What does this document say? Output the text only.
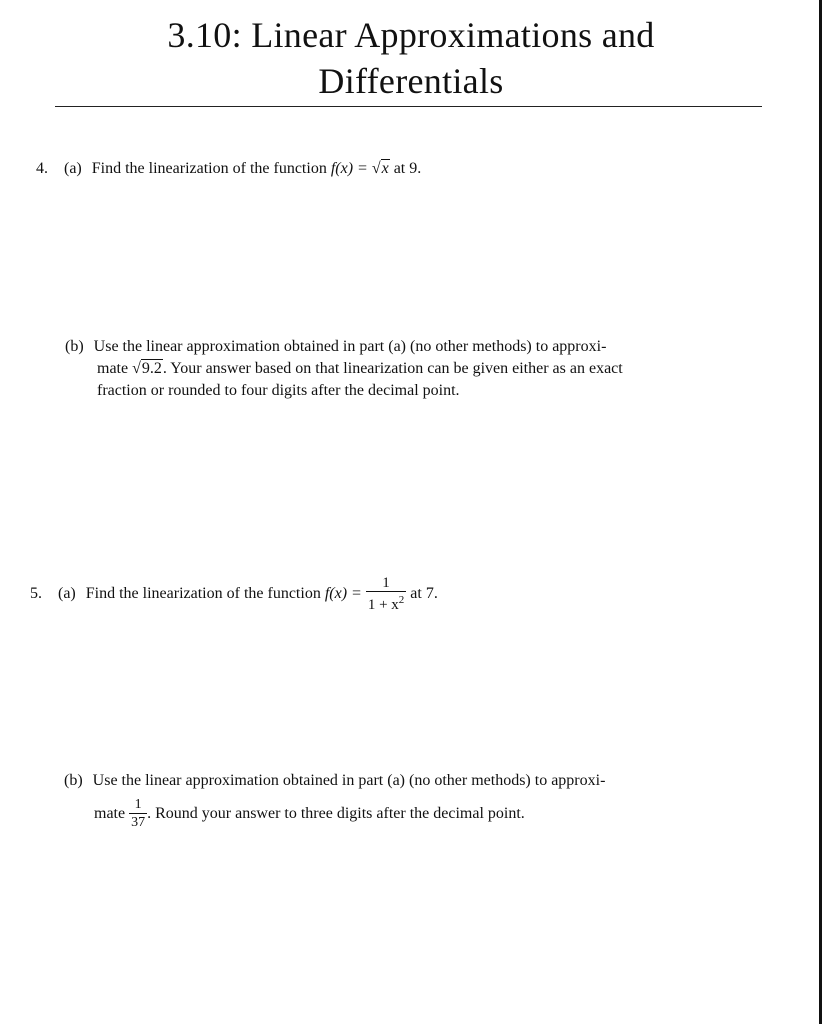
3.10: Linear Approximations and
Differentials
4. (a) Find the linearization of the function f(x) = √x at 9.
(b) Use the linear approximation obtained in part (a) (no other methods) to approxi-
mate √9.2. Your answer based on that linearization can be given either as an exact
fraction or rounded to four digits after the decimal point.
5. (a) Find the linearization of the function $f(x) = \frac{1}{1 + x^2}$ at 7.
(b) Use the linear approximation obtained in part (a) (no other methods) to approxi-
mate $\frac{1}{37}$ . Round your answer to three digits after the decimal point.
